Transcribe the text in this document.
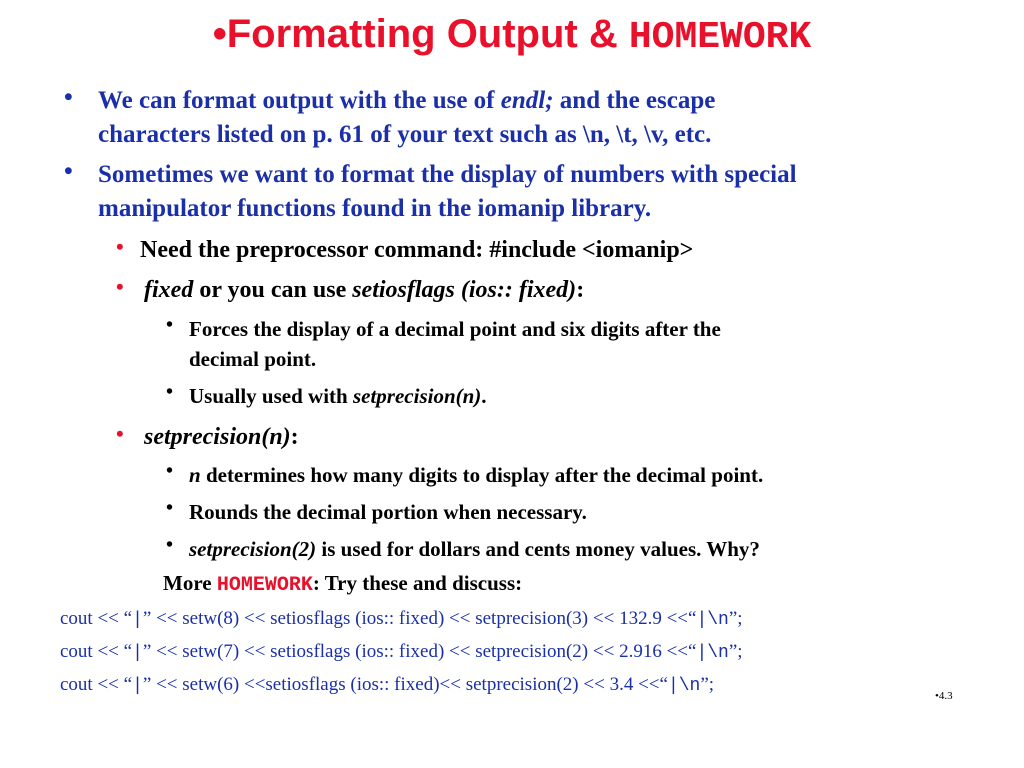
•Formatting Output & HOMEWORK
• We can format output with the use of endl; and the escape
characters listed on p. 61 of your text such as \n, \t, \v, etc.
• Sometimes we want to format the display of numbers with special
manipulator functions found in the iomanip library.
• Need the preprocessor command: #include <iomanip>
• fixed or you can use setiosflags (ios:: fixed):
• Forces the display of a decimal point and six digits after the
decimal point.
• Usually used with setprecision(n).
• setprecision(n):
• n determines how many digits to display after the decimal point.
• Rounds the decimal portion when necessary.
• setprecision(2) is used for dollars and cents money values. Why?
More HOMEWORK: Try these and discuss:
cout << “|” << setw(8) << setiosflags (ios:: fixed) << setprecision(3) << 132.9 <<“|\n”;
cout << “|” << setw(7) << setiosflags (ios:: fixed) << setprecision(2) << 2.916 <<“|\n”;
cout << “|” << setw(6) <<setiosflags (ios:: fixed)<< setprecision(2) << 3.4 <<“|\n”;
•4.3
